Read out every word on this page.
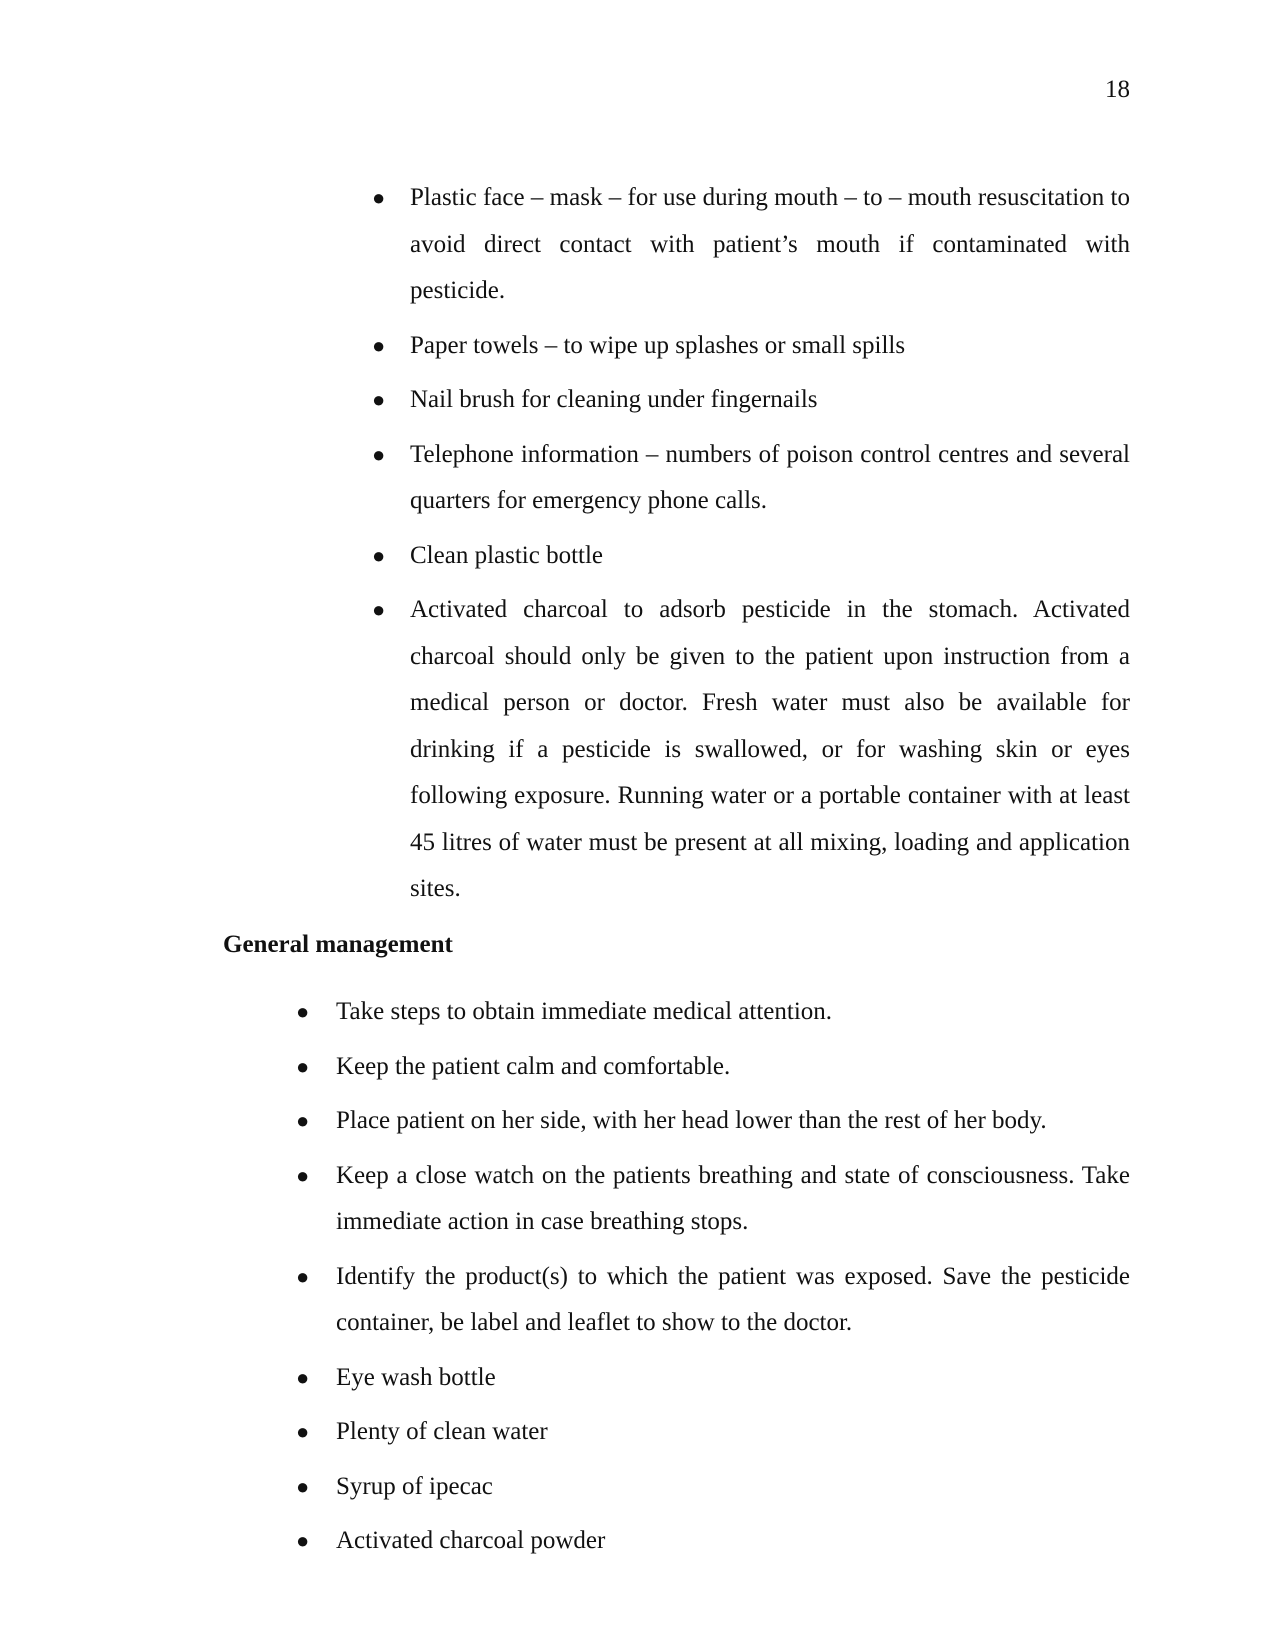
18
● Plastic face – mask – for use during mouth – to – mouth resuscitation to avoid direct contact with patient’s mouth if contaminated with pesticide.
● Paper towels – to wipe up splashes or small spills
● Nail brush for cleaning under fingernails
● Telephone information – numbers of poison control centres and several quarters for emergency phone calls.
● Clean plastic bottle
● Activated charcoal to adsorb pesticide in the stomach. Activated charcoal should only be given to the patient upon instruction from a medical person or doctor. Fresh water must also be available for drinking if a pesticide is swallowed, or for washing skin or eyes following exposure. Running water or a portable container with at least 45 litres of water must be present at all mixing, loading and application sites.
General management
● Take steps to obtain immediate medical attention.
● Keep the patient calm and comfortable.
● Place patient on her side, with her head lower than the rest of her body.
● Keep a close watch on the patients breathing and state of consciousness. Take immediate action in case breathing stops.
● Identify the product(s) to which the patient was exposed. Save the pesticide container, be label and leaflet to show to the doctor.
● Eye wash bottle
● Plenty of clean water
● Syrup of ipecac
● Activated charcoal powder
